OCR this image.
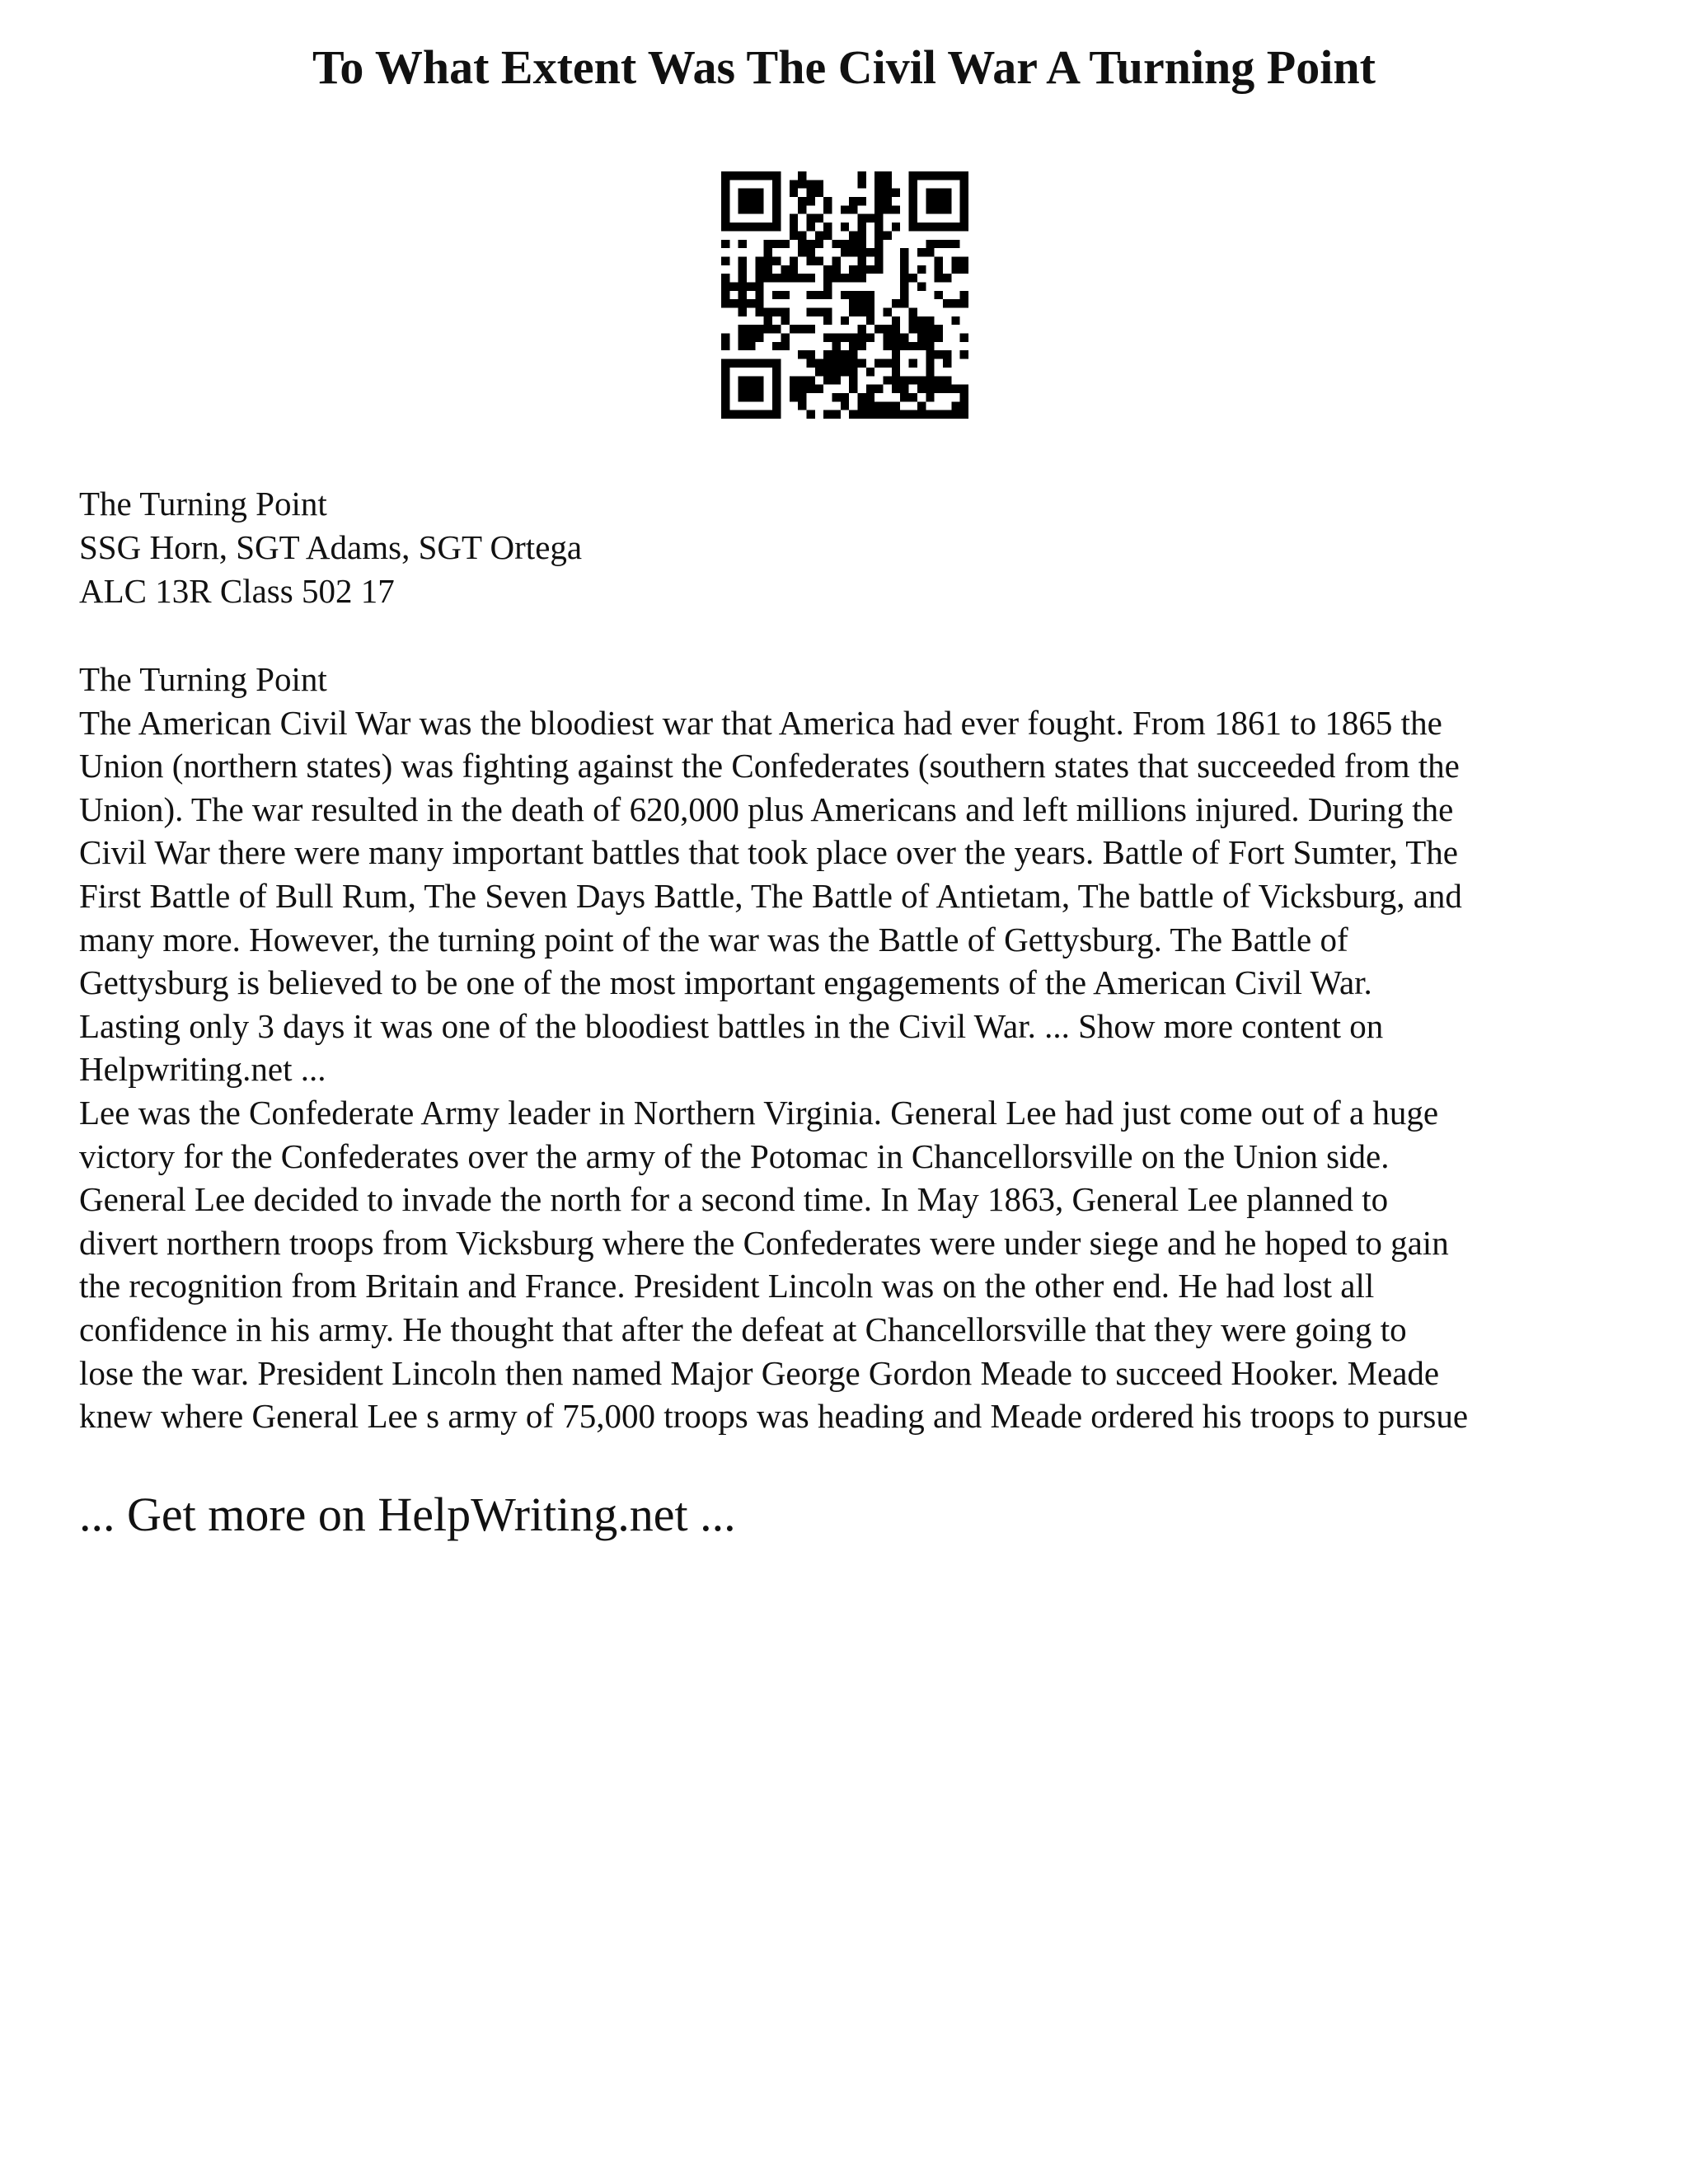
To What Extent Was The Civil War A Turning Point
The Turning Point
SSG Horn, SGT Adams, SGT Ortega
ALC 13R Class 502 17
The Turning Point
The American Civil War was the bloodiest war that America had ever fought. From 1861 to 1865 the
Union (northern states) was fighting against the Confederates (southern states that succeeded from the
Union). The war resulted in the death of 620,000 plus Americans and left millions injured. During the
Civil War there were many important battles that took place over the years. Battle of Fort Sumter, The
First Battle of Bull Rum, The Seven Days Battle, The Battle of Antietam, The battle of Vicksburg, and
many more. However, the turning point of the war was the Battle of Gettysburg. The Battle of
Gettysburg is believed to be one of the most important engagements of the American Civil War.
Lasting only 3 days it was one of the bloodiest battles in the Civil War. ... Show more content on
Helpwriting.net ...
Lee was the Confederate Army leader in Northern Virginia. General Lee had just come out of a huge
victory for the Confederates over the army of the Potomac in Chancellorsville on the Union side.
General Lee decided to invade the north for a second time. In May 1863, General Lee planned to
divert northern troops from Vicksburg where the Confederates were under siege and he hoped to gain
the recognition from Britain and France. President Lincoln was on the other end. He had lost all
confidence in his army. He thought that after the defeat at Chancellorsville that they were going to
lose the war. President Lincoln then named Major George Gordon Meade to succeed Hooker. Meade
knew where General Lee s army of 75,000 troops was heading and Meade ordered his troops to pursue
... Get more on HelpWriting.net ...
